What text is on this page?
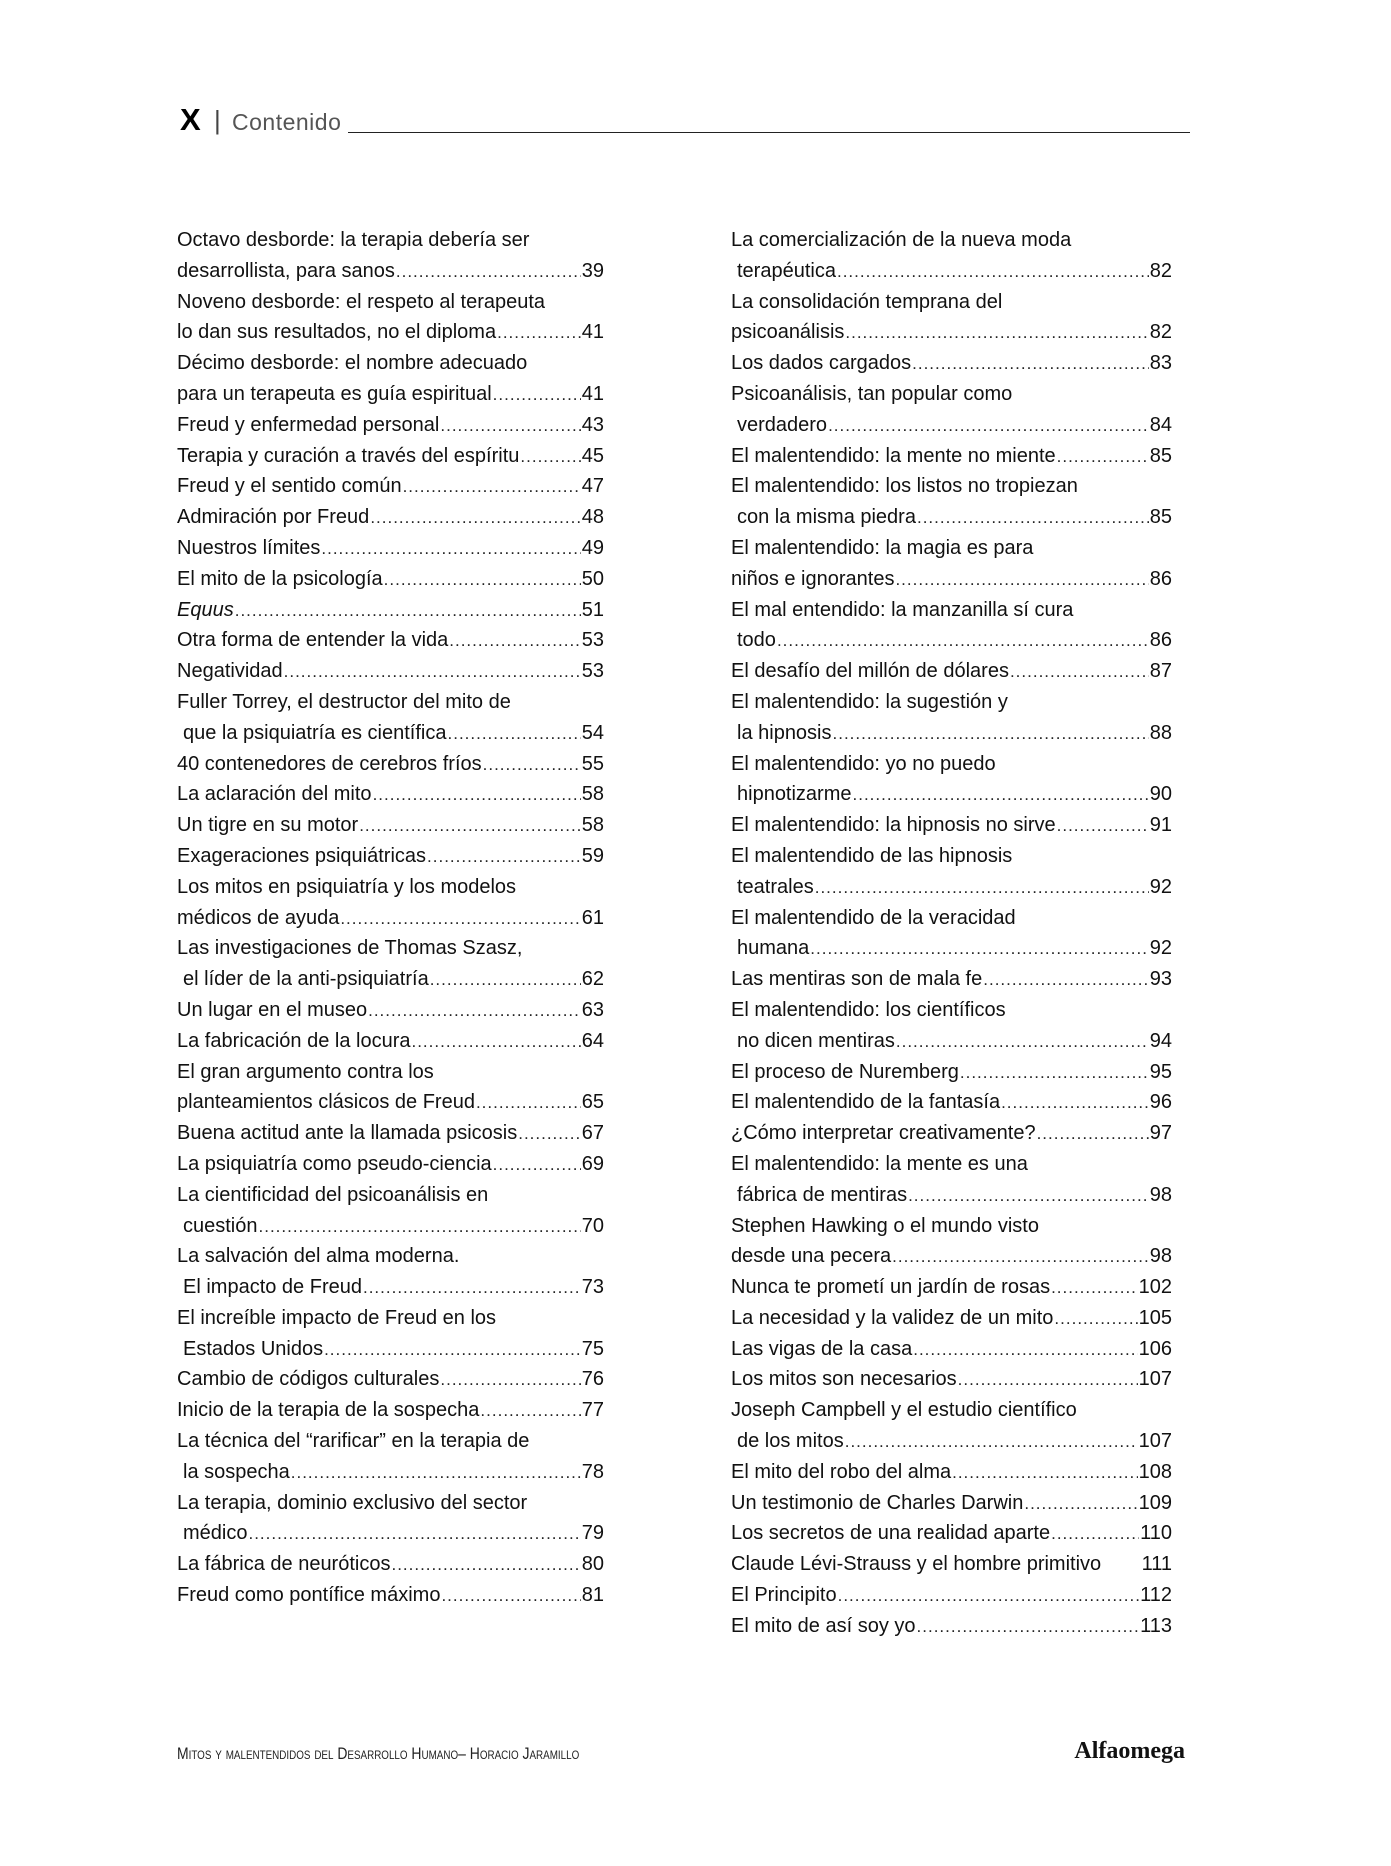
X | Contenido
Octavo desborde: la terapia debería ser
desarrollista, para sanos .....	39
Noveno desborde: el respeto al terapeuta
lo dan sus resultados, no el diploma .....	41
Décimo desborde: el nombre adecuado
para un terapeuta es guía espiritual .....	41
Freud y enfermedad personal .....	43
Terapia y curación a través del espíritu .....	45
Freud y el sentido común .....	47
Admiración por Freud .....	48
Nuestros límites .....	49
El mito de la psicología .....	50
Equus .....	51
Otra forma de entender la vida .....	53
Negatividad .....	53
Fuller Torrey, el destructor del mito de
que la psiquiatría es científica .....	54
40 contenedores de cerebros fríos .....	55
La aclaración del mito .....	58
Un tigre en su motor .....	58
Exageraciones psiquiátricas .....	59
Los mitos en psiquiatría y los modelos
médicos de ayuda .....	61
Las investigaciones de Thomas Szasz,
el líder de la anti-psiquiatría .....	62
Un lugar en el museo .....	63
La fabricación de la locura .....	64
El gran argumento contra los
planteamientos clásicos de Freud .....	65
Buena actitud ante la llamada psicosis .....	67
La psiquiatría como pseudo-ciencia .....	69
La cientificidad del psicoanálisis en
cuestión .....	70
La salvación del alma moderna.
El impacto de Freud .....	73
El increíble impacto de Freud en los
Estados Unidos .....	75
Cambio de códigos culturales .....	76
Inicio de la terapia de la sospecha .....	77
La técnica del “rarificar” en la terapia de
la sospecha .....	78
La terapia, dominio exclusivo del sector
médico .....	79
La fábrica de neuróticos .....	80
Freud como pontífice máximo .....	81
La comercialización de la nueva moda
terapéutica .....	82
La consolidación temprana del
psicoanálisis .....	82
Los dados cargados .....	83
Psicoanálisis, tan popular como
verdadero .....	84
El malentendido: la mente no miente .....	85
El malentendido: los listos no tropiezan
con la misma piedra .....	85
El malentendido: la magia es para
niños e ignorantes .....	86
El mal entendido: la manzanilla sí cura
todo .....	86
El desafío del millón de dólares .....	87
El malentendido: la sugestión y
la hipnosis .....	88
El malentendido: yo no puedo
hipnotizarme .....	90
El malentendido: la hipnosis no sirve .....	91
El malentendido de las hipnosis
teatrales .....	92
El malentendido de la veracidad
humana .....	92
Las mentiras son de mala fe .....	93
El malentendido: los científicos
no dicen mentiras .....	94
El proceso de Nuremberg .....	95
El malentendido de la fantasía .....	96
¿Cómo interpretar creativamente? .....	97
El malentendido: la mente es una
fábrica de mentiras .....	98
Stephen Hawking o el mundo visto
desde una pecera .....	98
Nunca te prometí un jardín de rosas .....	102
La necesidad y la validez de un mito .....	105
Las vigas de la casa .....	106
Los mitos son necesarios .....	107
Joseph Campbell y el estudio científico
de los mitos .....	107
El mito del robo del alma .....	108
Un testimonio de Charles Darwin .....	109
Los secretos de una realidad aparte .....	110
Claude Lévi-Strauss y el hombre primitivo 111
El Principito .....	112
El mito de así soy yo .....	113
Mitos y malentendidos del Desarrollo Humano– Horacio Jaramillo	Alfaomega
